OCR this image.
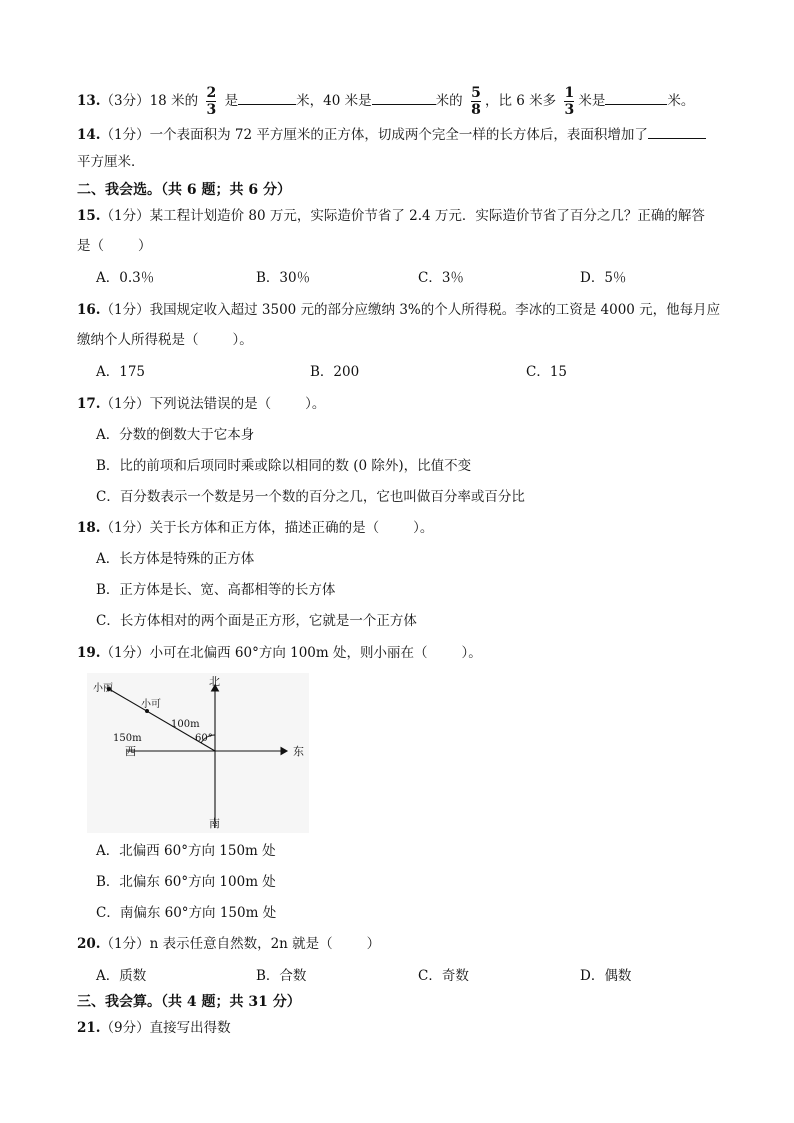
13.（3分）18 米的 $\frac{2}{3}$ 是	米，40 米是	米的 $\frac{5}{8}$ ，比 6 米多 $\frac{1}{3}$ 米是	米。
14.（1分）一个表面积为 72 平方厘米的正方体，切成两个完全一样的长方体后，表面积增加了
平方厘米．
二、我会选。（共 6 题；共 6 分）
15.（1分）某工程计划造价 80 万元，实际造价节省了 2.4 万元．实际造价节省了百分之几？正确的解答
是（	）
A．0.3％	B．30％	C．3％	D．5％
16.（1分）我国规定收入超过 3500 元的部分应缴纳 3%的个人所得税。李冰的工资是 4000 元，他每月应
缴纳个人所得税是（	）。
A．175	B．200	C．15
17.（1分）下列说法错误的是（	）。
A．分数的倒数大于它本身
B．比的前项和后项同时乘或除以相同的数 (0 除外)，比值不变
C．百分数表示一个数是另一个数的百分之几，它也叫做百分率或百分比
18.（1分）关于长方体和正方体，描述正确的是（	）。
A．长方体是特殊的正方体
B．正方体是长、宽、高都相等的长方体
C．长方体相对的两个面是正方形，它就是一个正方体
19.（1分）小可在北偏西 60°方向 100m 处，则小丽在（	）。
北
南
东
西
小丽
小可
100m
150m	60°
A．北偏西 60°方向 150m 处
B．北偏东 60°方向 100m 处
C．南偏东 60°方向 150m 处
20.（1分）n 表示任意自然数，2n 就是（	）
A．质数	B．合数	C．奇数	D．偶数
三、我会算。（共 4 题；共 31 分）
21.（9分）直接写出得数
